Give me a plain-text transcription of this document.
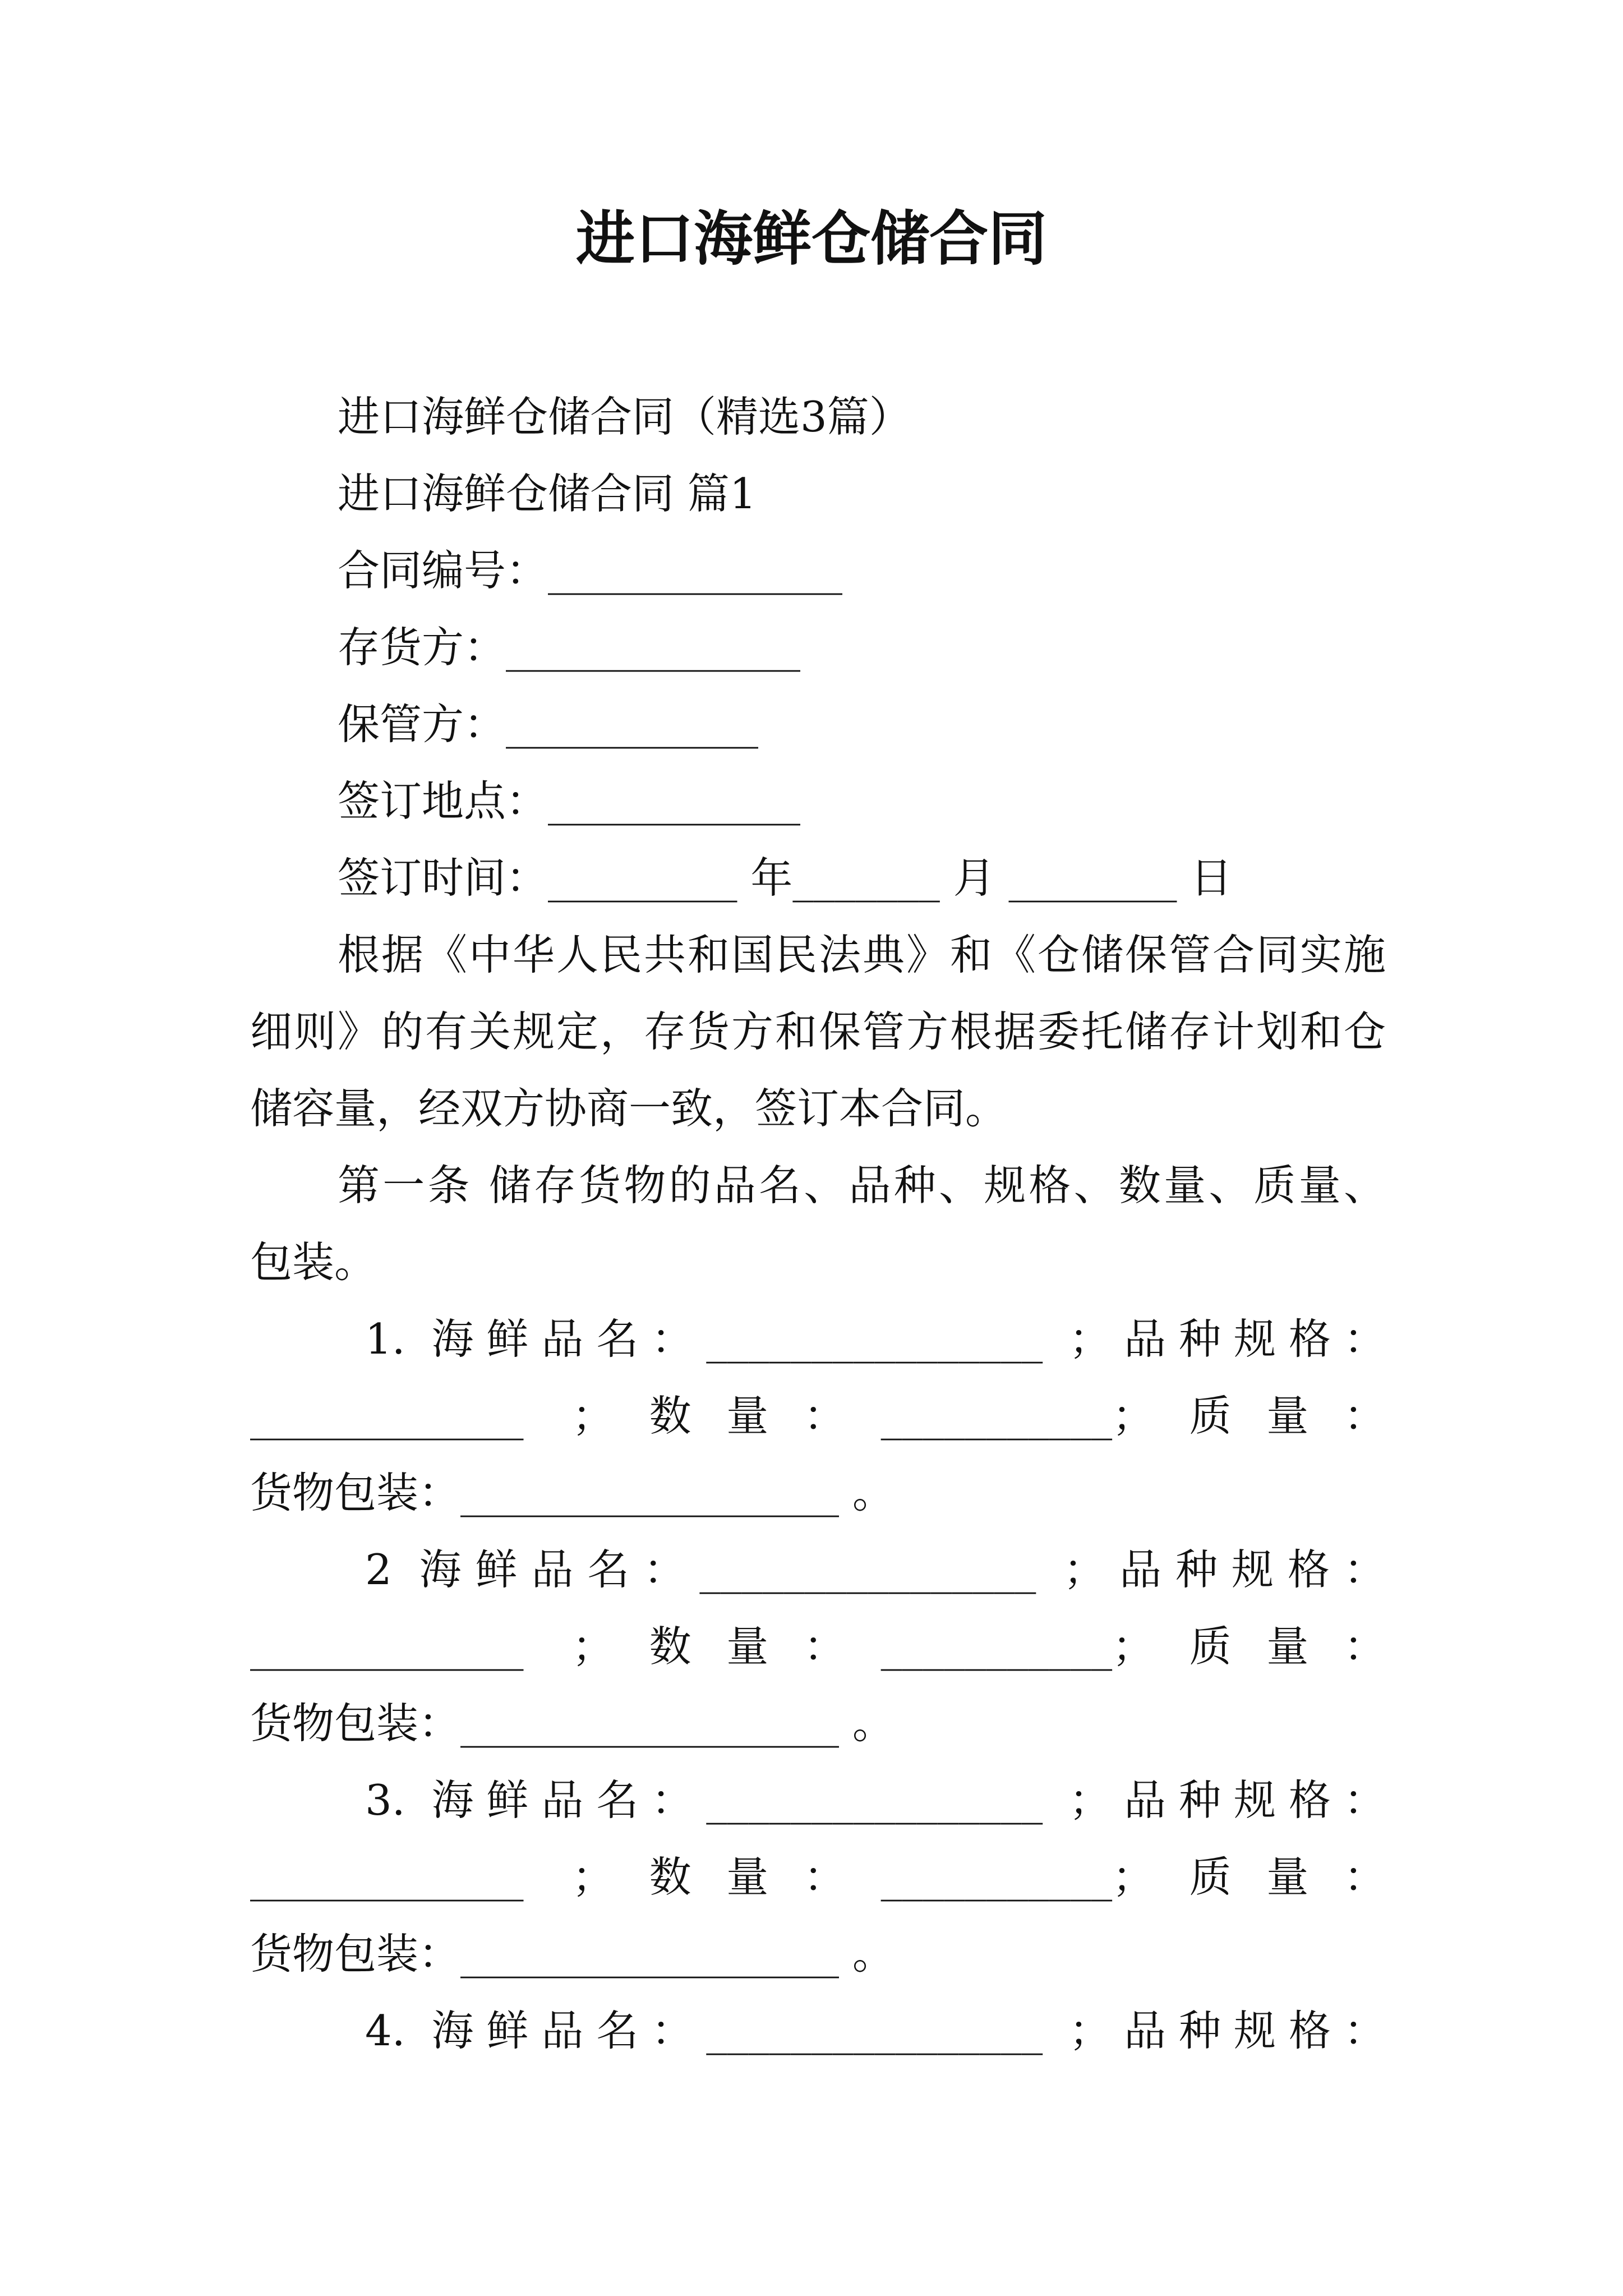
进口海鲜仓储合同
进口海鲜仓储合同（精选3篇）
进口海鲜仓储合同 篇1
合同编号：______________
存货方：______________
保管方：____________
签订地点：____________
签订时间：_________ 年_______ 月 ________ 日
根据《中华人民共和国民法典》和《仓储保管合同实施
细则》的有关规定，存货方和保管方根据委托储存计划和仓
储容量，经双方协商一致，签订本合同。
第一条 储存货物的品名、品种、规格、数量、质量、
包装。
1. 海鲜品名：________________ ；品种规格：
_____________ ；数量：___________；质量：
货物包装：__________________ 。
2 海鲜品名：________________ ；品种规格：
_____________ ；数量：___________；质量：
货物包装：__________________ 。
3. 海鲜品名：________________ ；品种规格：
_____________ ；数量：___________；质量：
货物包装：__________________ 。
4. 海鲜品名：________________ ；品种规格：
